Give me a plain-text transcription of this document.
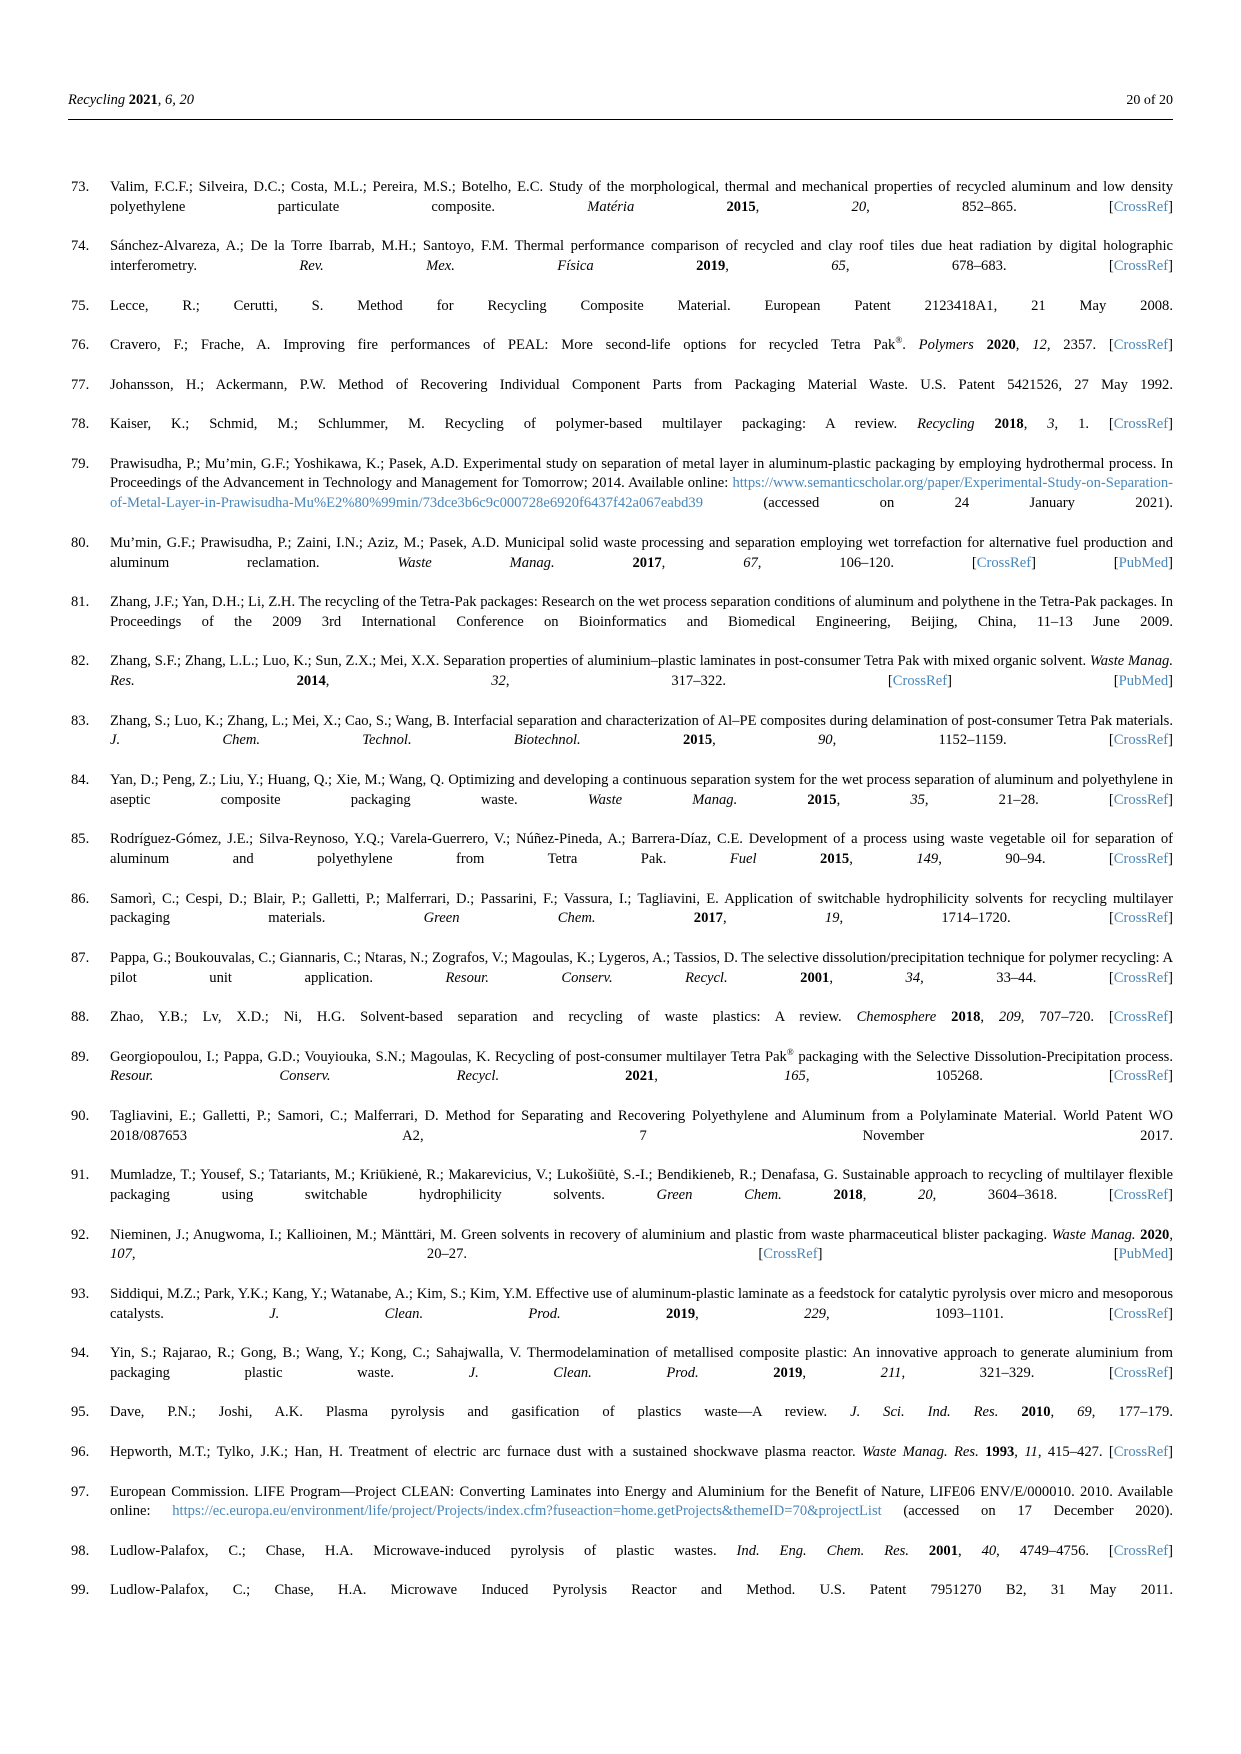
Recycling 2021, 6, 20	20 of 20
73.	Valim, F.C.F.; Silveira, D.C.; Costa, M.L.; Pereira, M.S.; Botelho, E.C. Study of the morphological, thermal and mechanical properties of recycled aluminum and low density polyethylene particulate composite. Matéria	2015, 20, 852–865. [CrossRef]
74.	Sánchez-Alvareza, A.; De la Torre Ibarrab, M.H.; Santoyo, F.M. Thermal performance comparison of recycled and clay roof tiles due heat radiation by digital holographic interferometry. Rev. Mex. Física	2019, 65, 678–683. [CrossRef]
75.	Lecce, R.; Cerutti, S. Method for Recycling Composite Material. European Patent 2123418A1, 21 May 2008.
76.	Cravero, F.; Frache, A. Improving fire performances of PEAL: More second-life options for recycled Tetra Pak®. Polymers 2020, 12, 2357. [CrossRef]
77.	Johansson, H.; Ackermann, P.W. Method of Recovering Individual Component Parts from Packaging Material Waste. U.S. Patent 5421526, 27 May 1992.
78.	Kaiser, K.; Schmid, M.; Schlummer, M. Recycling of polymer-based multilayer packaging: A review. Recycling 2018, 3, 1. [CrossRef]
79.	Prawisudha, P.; Mu’min, G.F.; Yoshikawa, K.; Pasek, A.D. Experimental study on separation of metal layer in aluminum-plastic packaging by employing hydrothermal process. In Proceedings of the Advancement in Technology and Management for Tomorrow; 2014. Available online: https://www.semanticscholar.org/paper/Experimental-Study-on-Separation-of-Metal-Layer-in-Prawisudha-Mu%E2%80%99min/73dce3b6c9c000728e6920f6437f42a067eabd39 (accessed on 24 January 2021).
80.	Mu’min, G.F.; Prawisudha, P.; Zaini, I.N.; Aziz, M.; Pasek, A.D. Municipal solid waste processing and separation employing wet torrefaction for alternative fuel production and aluminum reclamation. Waste Manag.	2017, 67, 106–120. [CrossRef] [PubMed]
81.	Zhang, J.F.; Yan, D.H.; Li, Z.H. The recycling of the Tetra-Pak packages: Research on the wet process separation conditions of aluminum and polythene in the Tetra-Pak packages. In Proceedings of the 2009 3rd International Conference on Bioinformatics and Biomedical Engineering, Beijing, China, 11–13 June 2009.
82.	Zhang, S.F.; Zhang, L.L.; Luo, K.; Sun, Z.X.; Mei, X.X. Separation properties of aluminium–plastic laminates in post-consumer Tetra Pak with mixed organic solvent. Waste Manag. Res.	2014, 32, 317–322. [CrossRef] [PubMed]
83.	Zhang, S.; Luo, K.; Zhang, L.; Mei, X.; Cao, S.; Wang, B. Interfacial separation and characterization of Al–PE composites during delamination of post-consumer Tetra Pak materials. J. Chem. Technol. Biotechnol.	2015, 90, 1152–1159. [CrossRef]
84.	Yan, D.; Peng, Z.; Liu, Y.; Huang, Q.; Xie, M.; Wang, Q. Optimizing and developing a continuous separation system for the wet process separation of aluminum and polyethylene in aseptic composite packaging waste. Waste Manag.	2015, 35, 21–28. [CrossRef]
85.	Rodríguez-Gómez, J.E.; Silva-Reynoso, Y.Q.; Varela-Guerrero, V.; Núñez-Pineda, A.; Barrera-Díaz, C.E. Development of a process using waste vegetable oil for separation of aluminum and polyethylene from Tetra Pak. Fuel	2015, 149, 90–94. [CrossRef]
86.	Samorì, C.; Cespi, D.; Blair, P.; Galletti, P.; Malferrari, D.; Passarini, F.; Vassura, I.; Tagliavini, E. Application of switchable hydrophilicity solvents for recycling multilayer packaging materials. Green Chem.	2017, 19, 1714–1720. [CrossRef]
87.	Pappa, G.; Boukouvalas, C.; Giannaris, C.; Ntaras, N.; Zografos, V.; Magoulas, K.; Lygeros, A.; Tassios, D. The selective dissolution/precipitation technique for polymer recycling: A pilot unit application. Resour. Conserv. Recycl.	2001, 34, 33–44. [CrossRef]
88.	Zhao, Y.B.; Lv, X.D.; Ni, H.G. Solvent-based separation and recycling of waste plastics: A review. Chemosphere 2018, 209, 707–720. [CrossRef]
89.	Georgiopoulou, I.; Pappa, G.D.; Vouyiouka, S.N.; Magoulas, K. Recycling of post-consumer multilayer Tetra Pak® packaging with the Selective Dissolution-Precipitation process. Resour. Conserv. Recycl.	2021, 165, 105268. [CrossRef]
90.	Tagliavini, E.; Galletti, P.; Samori, C.; Malferrari, D. Method for Separating and Recovering Polyethylene and Aluminum from a Polylaminate Material. World Patent WO 2018/087653 A2, 7 November 2017.
91.	Mumladze, T.; Yousef, S.; Tatariants, M.; Kriūkienė, R.; Makarevicius, V.; Lukošiūtė, S.-I.; Bendikieneb, R.; Denafasa, G. Sustainable approach to recycling of multilayer flexible packaging using switchable hydrophilicity solvents. Green Chem.	2018, 20, 3604–3618. [CrossRef]
92.	Nieminen, J.; Anugwoma, I.; Kallioinen, M.; Mänttäri, M. Green solvents in recovery of aluminium and plastic from waste pharmaceutical blister packaging. Waste Manag. 2020, 107, 20–27. [CrossRef] [PubMed]
93.	Siddiqui, M.Z.; Park, Y.K.; Kang, Y.; Watanabe, A.; Kim, S.; Kim, Y.M. Effective use of aluminum-plastic laminate as a feedstock for catalytic pyrolysis over micro and mesoporous catalysts. J. Clean. Prod.	2019, 229, 1093–1101. [CrossRef]
94.	Yin, S.; Rajarao, R.; Gong, B.; Wang, Y.; Kong, C.; Sahajwalla, V. Thermodelamination of metallised composite plastic: An innovative approach to generate aluminium from packaging plastic waste. J. Clean. Prod.	2019, 211, 321–329. [CrossRef]
95.	Dave, P.N.; Joshi, A.K. Plasma pyrolysis and gasification of plastics waste—A review. J. Sci. Ind. Res. 2010, 69, 177–179.
96.	Hepworth, M.T.; Tylko, J.K.; Han, H. Treatment of electric arc furnace dust with a sustained shockwave plasma reactor. Waste Manag. Res. 1993, 11, 415–427. [CrossRef]
97.	European Commission. LIFE Program—Project CLEAN: Converting Laminates into Energy and Aluminium for the Benefit of Nature, LIFE06 ENV/E/000010. 2010. Available online: https://ec.europa.eu/environment/life/project/Projects/index.cfm?fuseaction=home.getProjects&themeID=70&projectList (accessed on 17 December 2020).
98.	Ludlow-Palafox, C.; Chase, H.A. Microwave-induced pyrolysis of plastic wastes. Ind. Eng. Chem. Res. 2001, 40, 4749–4756. [CrossRef]
99.	Ludlow-Palafox, C.; Chase, H.A. Microwave Induced Pyrolysis Reactor and Method. U.S. Patent 7951270 B2, 31 May 2011.
